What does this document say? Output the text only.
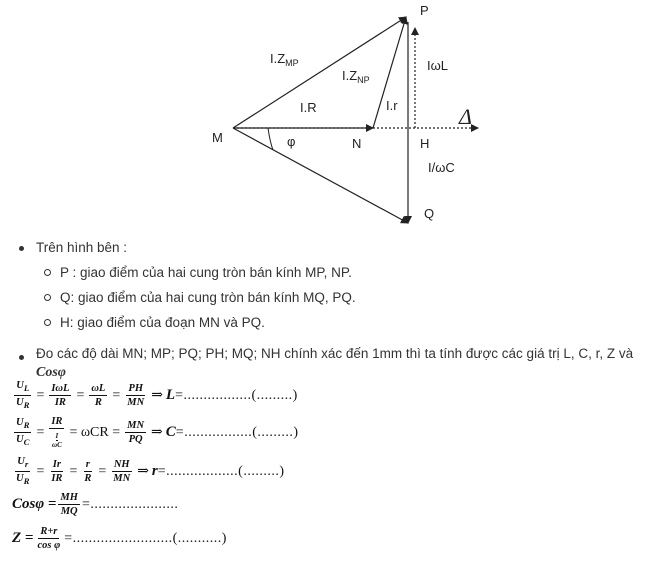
M	N	H
P
Q
$I.Z_{MP}$
$I.Z_{NP}$
I.R	I.r
IωL
I/ωC
φ
Δ
Trên hình bên :
P : giao điểm của hai cung tròn bán kính MP, NP.
Q: giao điểm của hai cung tròn bán kính MQ, PQ.
H: giao điểm của đoạn MN và PQ.
Đo các độ dài MN; MP; PQ; PH; MQ; NH chính xác đến 1mm thì ta tính được các giá trị L, C, r, Z và
Cosφ
$\frac{U_L}{U_R} = \frac{\text{IωL}}{IR} = \frac{\omega L}{R} = \frac{PH}{MN}$ ⇒ L =.................(.........)
$\frac{U_R}{U_C} = \frac{IR}{\frac{I}{\omega C}} = \omega CR = \frac{MN}{PQ}$ ⇒ C =.................(.........)
$\frac{U_r}{U_R} = \frac{Ir}{IR} = \frac{r}{R} = \frac{NH}{MN}$ ⇒ r =..................(.........)
$Cos\varphi = \frac{MH}{MQ}$ =......................
$Z = \frac{R+r}{\text{cos φ}}$ =.........................(...........)
